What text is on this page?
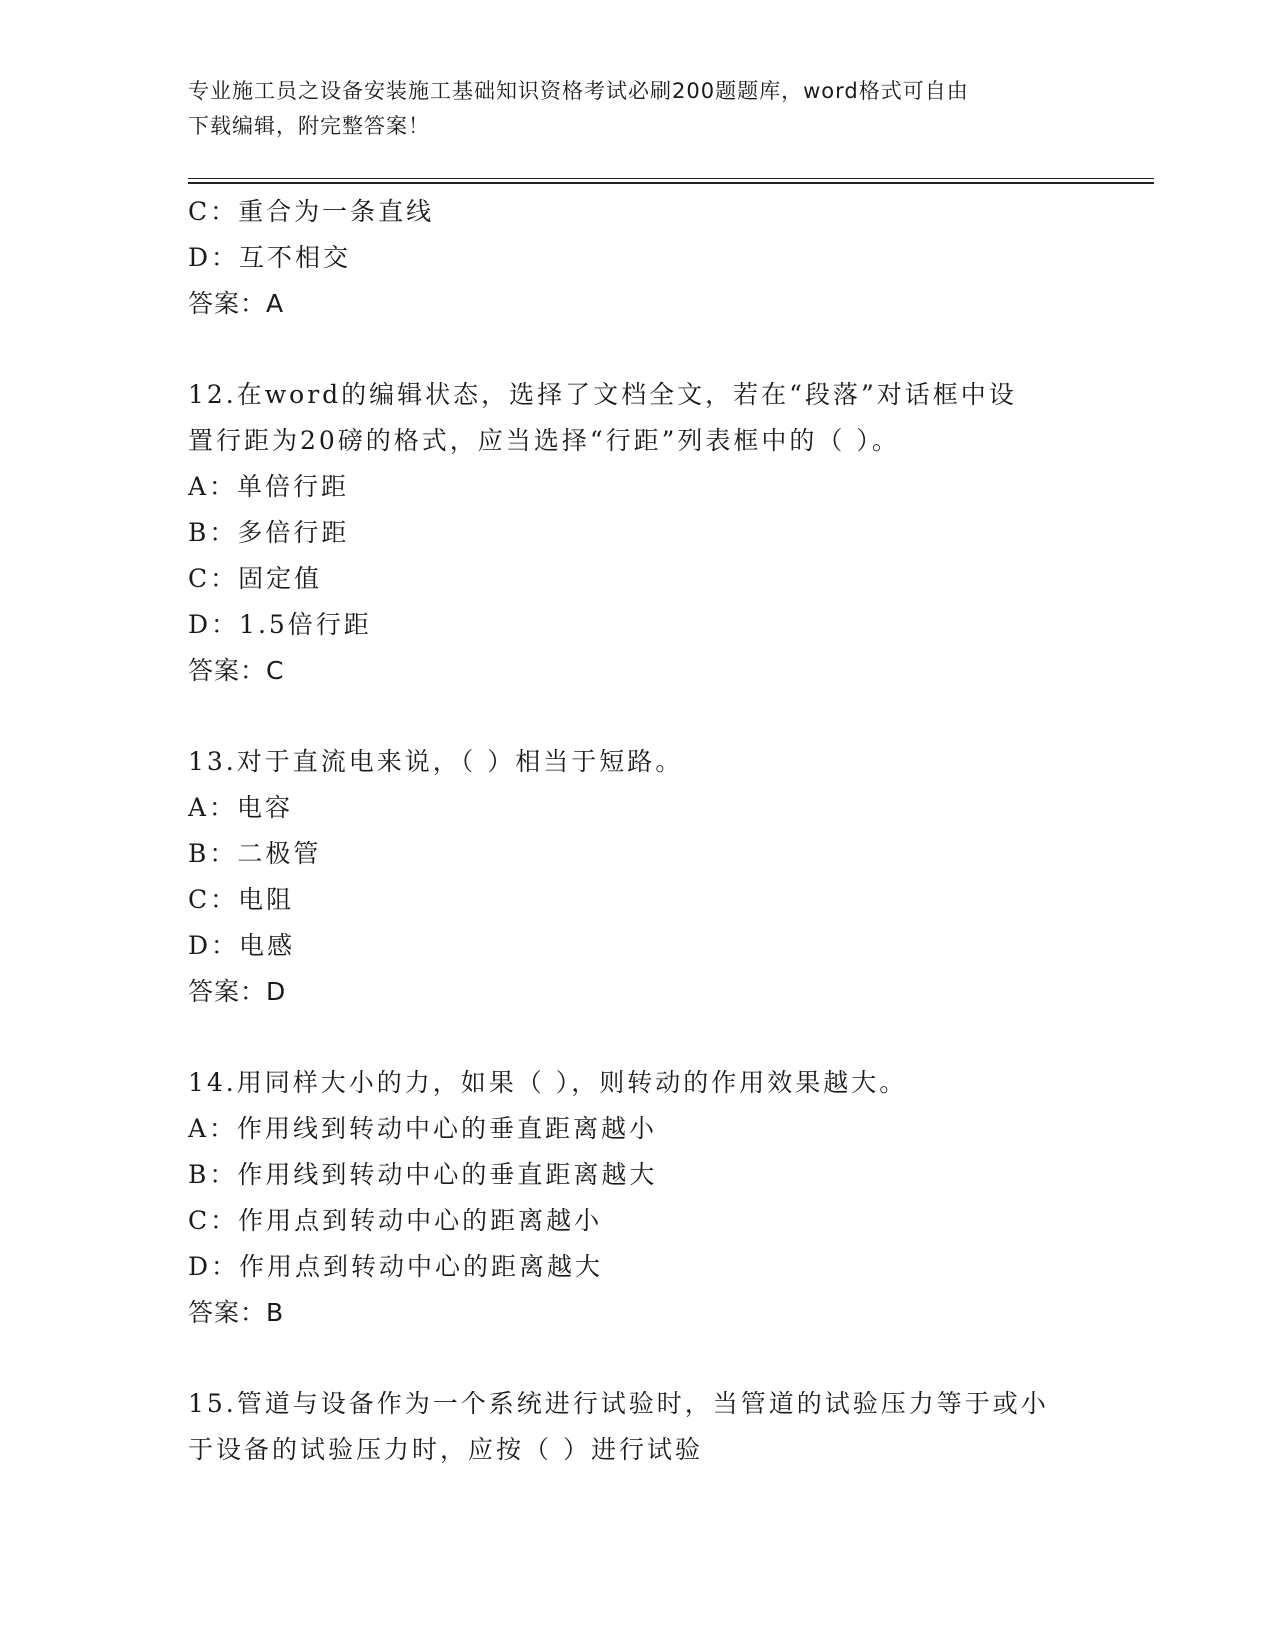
专业施工员之设备安装施工基础知识资格考试必刷200题题库，word格式可自由
下载编辑，附完整答案！
C：重合为一条直线
D：互不相交
答案：A
12.在word的编辑状态，选择了文档全文，若在“段落”对话框中设
置行距为20磅的格式，应当选择“行距”列表框中的（ ）。
A：单倍行距
B：多倍行距
C：固定值
D：1.5倍行距
答案：C
13.对于直流电来说，（ ）相当于短路。
A：电容
B：二极管
C：电阻
D：电感
答案：D
14.用同样大小的力，如果（ ），则转动的作用效果越大。
A：作用线到转动中心的垂直距离越小
B：作用线到转动中心的垂直距离越大
C：作用点到转动中心的距离越小
D：作用点到转动中心的距离越大
答案：B
15.管道与设备作为一个系统进行试验时，当管道的试验压力等于或小
于设备的试验压力时，应按（ ）进行试验
